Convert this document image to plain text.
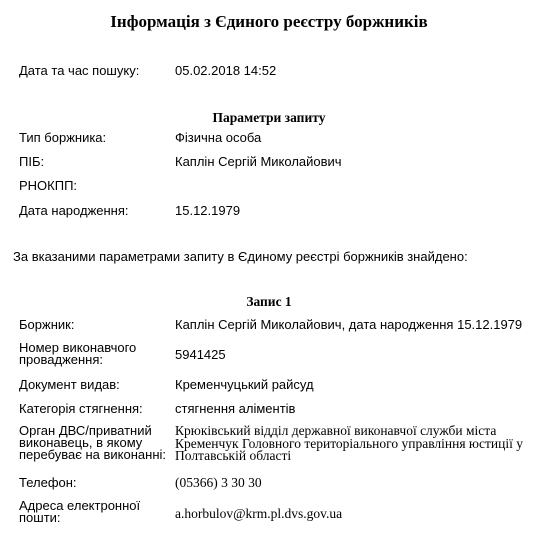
Інформація з Єдиного реєстру боржників
Дата та час пошуку:	05.02.2018 14:52
Параметри запиту
Тип боржника:	Фізична особа
ПІБ:	Каплін Сергій Миколайович
РНОКПП:
Дата народження:	15.12.1979
За вказаними параметрами запиту в Єдиному реєстрі боржників знайдено:
Запис 1
Боржник:	Каплін Сергій Миколайович, дата народження 15.12.1979
Номер виконавчого
провадження:	5941425
Документ видав:	Кременчуцький райсуд
Категорія стягнення: стягнення аліментів
Орган ДВС/приватний
виконавець, в якому
перебуває на виконанні:
Крюківський відділ державної виконавчої служби міста
Кременчук Головного територіального управління юстиції у
Полтавській області
Телефон:	(05366) 3 30 30
Адреса електронної
пошти:	a.horbulov@krm.pl.dvs.gov.ua
